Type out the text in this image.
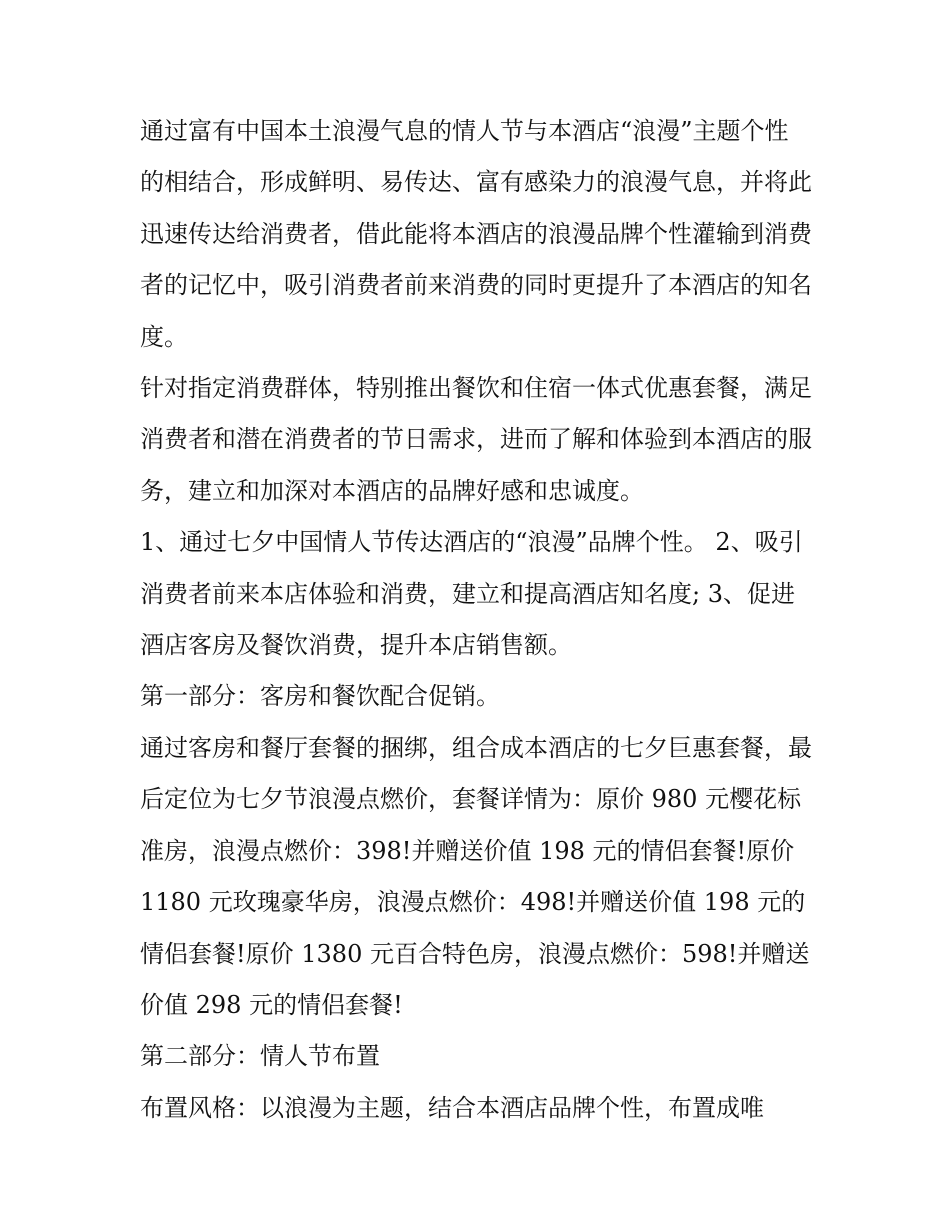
通过富有中国本土浪漫气息的情人节与本酒店“浪漫”主题个性的相结合，形成鲜明、易传达、富有感染力的浪漫气息，并将此迅速传达给消费者，借此能将本酒店的浪漫品牌个性灌输到消费者的记忆中，吸引消费者前来消费的同时更提升了本酒店的知名度。

针对指定消费群体，特别推出餐饮和住宿一体式优惠套餐，满足消费者和潜在消费者的节日需求，进而了解和体验到本酒店的服务，建立和加深对本酒店的品牌好感和忠诚度。

1、通过七夕中国情人节传达酒店的“浪漫”品牌个性。 2、吸引消费者前来本店体验和消费，建立和提高酒店知名度; 3、促进酒店客房及餐饮消费，提升本店销售额。

第一部分：客房和餐饮配合促销。

通过客房和餐厅套餐的捆绑，组合成本酒店的七夕巨惠套餐，最后定位为七夕节浪漫点燃价，套餐详情为：原价 980 元樱花标准房，浪漫点燃价：398!并赠送价值 198 元的情侣套餐!原价 1180 元玫瑰豪华房，浪漫点燃价：498!并赠送价值 198 元的情侣套餐!原价 1380 元百合特色房，浪漫点燃价：598!并赠送价值 298 元的情侣套餐!

第二部分：情人节布置

布置风格：以浪漫为主题，结合本酒店品牌个性，布置成唯
